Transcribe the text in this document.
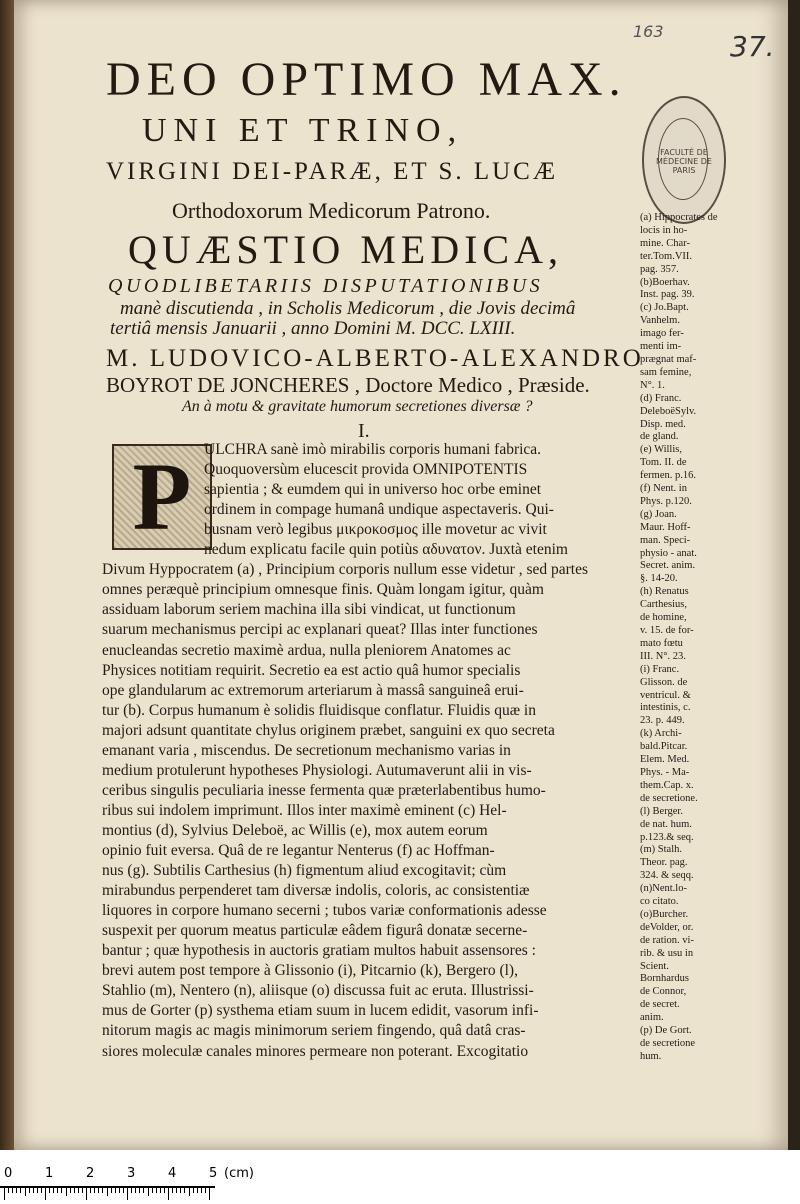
DEO OPTIMO MAX.
UNI ET TRINO,
VIRGINI DEI-PARÆ, ET S. LUCÆ
Orthodoxorum Medicorum Patrono.
QUÆSTIO MEDICA,
QUODLIBETARIIS DISPUTATIONIBUS
manè discutienda , in Scholis Medicorum , die Jovis decimâ
tertiâ mensis Januarii , anno Domini M. DCC. LXIII.
M. LUDOVICO-ALBERTO-ALEXANDRO
BOYROT DE JONCHERES , Doctore Medico , Præside.
An à motu & gravitate humorum secretiones diversæ ?
I.
P ULCHRA sanè imò mirabilis corporis humani fabrica.
Quoquoversùm elucescit provida OMNIPOTENTIS
sapientia ; & eumdem qui in universo hoc orbe eminet
ordinem in compage humanâ undique aspectaveris. Qui-
busnam verò legibus μικροκοσμος ille movetur ac vivit
nedum explicatu facile quin potiùs αδυνατον. Juxtà etenim
Divum Hyppocratem (a) , Principium corporis nullum esse videtur , sed partes
omnes peræquè principium omnesque finis. Quàm longam igitur, quàm
assiduam laborum seriem machina illa sibi vindicat, ut functionum
suarum mechanismus percipi ac explanari queat? Illas inter functiones
enucleandas secretio maximè ardua, nulla pleniorem Anatomes ac
Physices notitiam requirit. Secretio ea est actio quâ humor specialis
ope glandularum ac extremorum arteriarum à massâ sanguineâ erui-
tur (b). Corpus humanum è solidis fluidisque conflatur. Fluidis quæ in
majori adsunt quantitate chylus originem præbet, sanguini ex quo secreta
emanant varia , miscendus. De secretionum mechanismo varias in
medium protulerunt hypotheses Physiologi. Autumaverunt alii in vis-
ceribus singulis peculiaria inesse fermenta quæ præterlabentibus humo-
ribus sui indolem imprimunt. Illos inter maximè eminent (c) Hel-
montius (d), Sylvius Deleboë, ac Willis (e), mox autem eorum
opinio fuit eversa. Quâ de re legantur Nenterus (f) ac Hoffman-
nus (g). Subtilis Carthesius (h) figmentum aliud excogitavit; cùm
mirabundus perpenderet tam diversæ indolis, coloris, ac consistentiæ
liquores in corpore humano secerni ; tubos variæ conformationis adesse
suspexit per quorum meatus particulæ eâdem figurâ donatæ secerne-
bantur ; quæ hypothesis in auctoris gratiam multos habuit assensores :
brevi autem post tempore à Glissonio (i), Pitcarnio (k), Bergero (l),
Stahlio (m), Nentero (n), aliisque (o) discussa fuit ac eruta. Illustrissi-
mus de Gorter (p) systhema etiam suum in lucem edidit, vasorum infi-
nitorum magis ac magis minimorum seriem fingendo, quâ datâ cras-
siores moleculæ canales minores permeare non poterant. Excogitatio
FACULTÉ DE MÉDECINE DE PARIS
(a) Hippocrates de
locis in ho-
mine. Char-
ter.Tom.VII.
pag. 357.
(b)Boerhav.
Inst. pag. 39.
(c) Jo.Bapt.
Vanhelm.
imago fer-
menti im-
prægnat maf-
sam femine,
N°. 1.
(d) Franc.
DeleboëSylv.
Disp. med.
de gland.
(e) Willis,
Tom. II. de
fermen. p.16.
(f) Nent. in
Phys. p.120.
(g) Joan.
Maur. Hoff-
man. Speci-
physio - anat.
Secret. anim.
§. 14-20.
(h) Renatus
Carthesius,
de homine,
v. 15. de for-
mato fœtu
III. N°. 23.
(i) Franc.
Glisson. de
ventricul. &
intestinis, c.
23. p. 449.
(k) Archi-
bald.Pitcar.
Elem. Med.
Phys. - Ma-
them.Cap. x.
de secretione.
(l) Berger.
de nat. hum.
p.123.& seq.
(m) Stalh.
Theor. pag.
324. & seqq.
(n)Nent.lo-
co citato.
(o)Burcher.
deVolder, or.
de ration. vi-
rib. & usu in
Scient.
Bornhardus
de Connor,
de secret.
anim.
(p) De Gort.
de secretione
hum.
163 37.
0	1	2	3	4	5 (cm)
